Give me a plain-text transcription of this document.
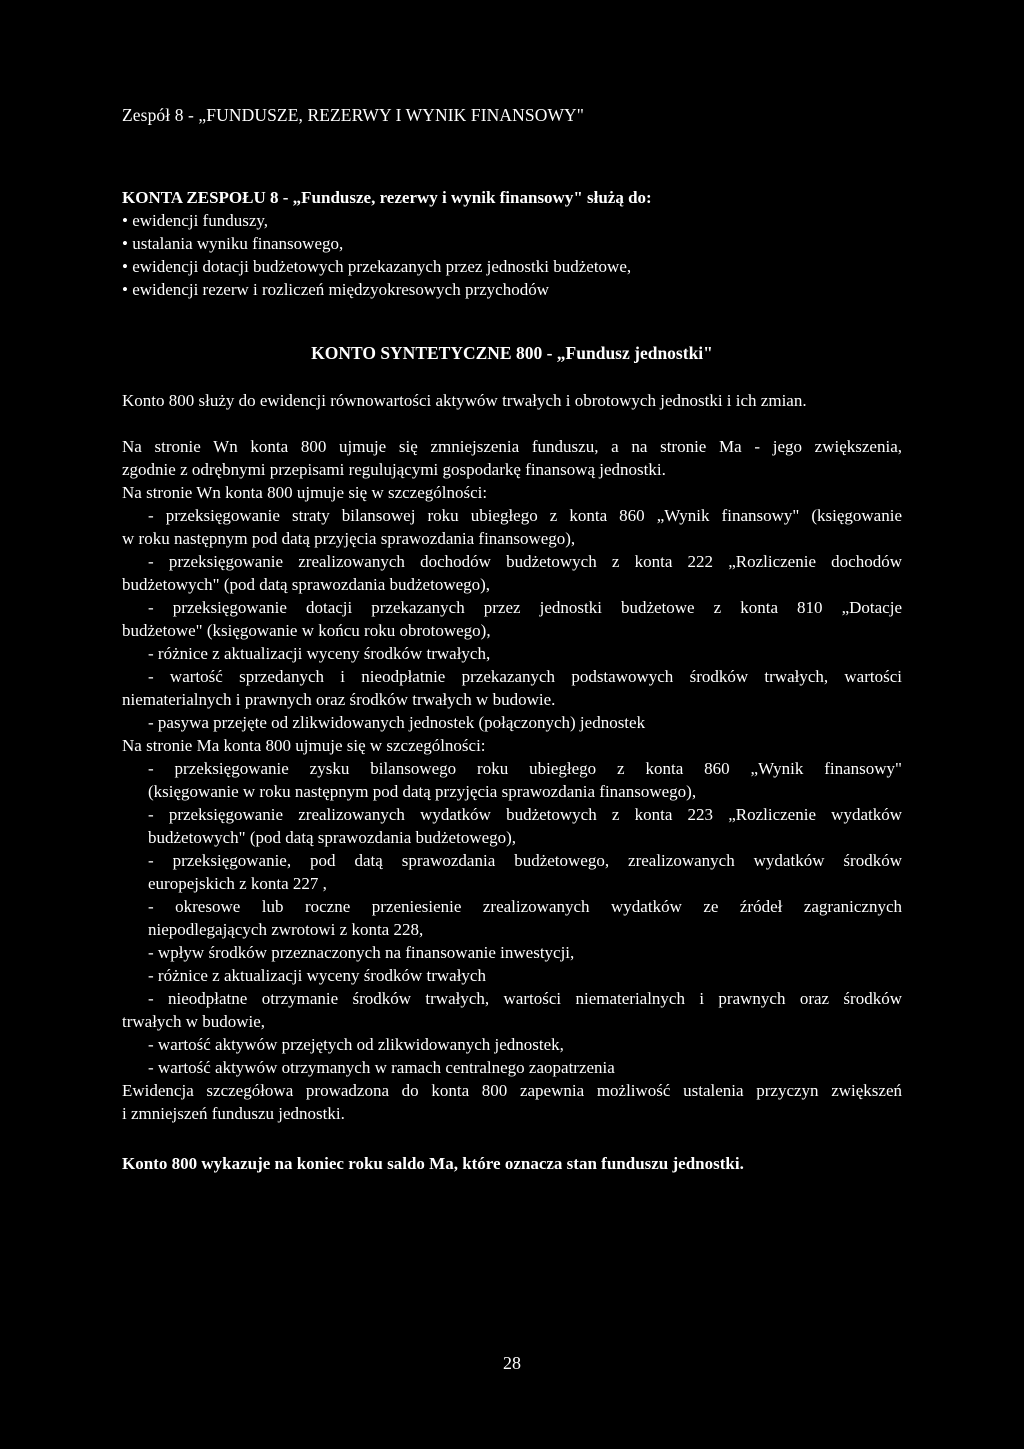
Zespół 8 - „FUNDUSZE, REZERWY I WYNIK FINANSOWY"

KONTA ZESPOŁU 8 - „Fundusze, rezerwy i wynik finansowy" służą do:

• ewidencji funduszy,
• ustalania wyniku finansowego,
• ewidencji dotacji budżetowych przekazanych przez jednostki budżetowe,
• ewidencji rezerw i rozliczeń międzyokresowych przychodów
KONTO SYNTETYCZNE 800 - „Fundusz jednostki"

Konto 800 służy do ewidencji równowartości aktywów trwałych i obrotowych jednostki i ich zmian.

Na stronie Wn konta 800 ujmuje się zmniejszenia funduszu, a na stronie Ma - jego zwiększenia,

zgodnie z odrębnymi przepisami regulującymi gospodarkę finansową jednostki.

Na stronie Wn konta 800 ujmuje się w szczególności:

- przeksięgowanie straty bilansowej roku ubiegłego z konta 860 „Wynik finansowy" (księgowanie

w roku następnym pod datą przyjęcia sprawozdania finansowego),

- przeksięgowanie zrealizowanych dochodów budżetowych z konta 222 „Rozliczenie dochodów

budżetowych" (pod datą sprawozdania budżetowego),

- przeksięgowanie dotacji przekazanych przez jednostki budżetowe z konta 810 „Dotacje

budżetowe" (księgowanie w końcu roku obrotowego),

- różnice z aktualizacji wyceny środków trwałych,

- wartość sprzedanych i nieodpłatnie przekazanych podstawowych środków trwałych, wartości

niematerialnych i prawnych oraz środków trwałych w budowie.

- pasywa przejęte od zlikwidowanych jednostek (połączonych) jednostek

Na stronie Ma konta 800 ujmuje się w szczególności:

- przeksięgowanie zysku bilansowego roku ubiegłego z konta 860 „Wynik finansowy"

(księgowanie w roku następnym pod datą przyjęcia sprawozdania finansowego),

- przeksięgowanie zrealizowanych wydatków budżetowych z konta 223 „Rozliczenie wydatków

budżetowych" (pod datą sprawozdania budżetowego),

- przeksięgowanie, pod datą sprawozdania budżetowego, zrealizowanych wydatków środków

europejskich z konta 227 ,

- okresowe lub roczne przeniesienie zrealizowanych wydatków ze źródeł zagranicznych

niepodlegających zwrotowi z konta 228,

- wpływ środków przeznaczonych na finansowanie inwestycji,

- różnice z aktualizacji wyceny środków trwałych

- nieodpłatne otrzymanie środków trwałych, wartości niematerialnych i prawnych oraz środków

trwałych w budowie,

- wartość aktywów przejętych od zlikwidowanych jednostek,

- wartość aktywów otrzymanych w ramach centralnego zaopatrzenia

Ewidencja szczegółowa prowadzona do konta 800 zapewnia możliwość ustalenia przyczyn zwiększeń

i zmniejszeń funduszu jednostki.

Konto 800 wykazuje na koniec roku saldo Ma, które oznacza stan funduszu jednostki.

28
